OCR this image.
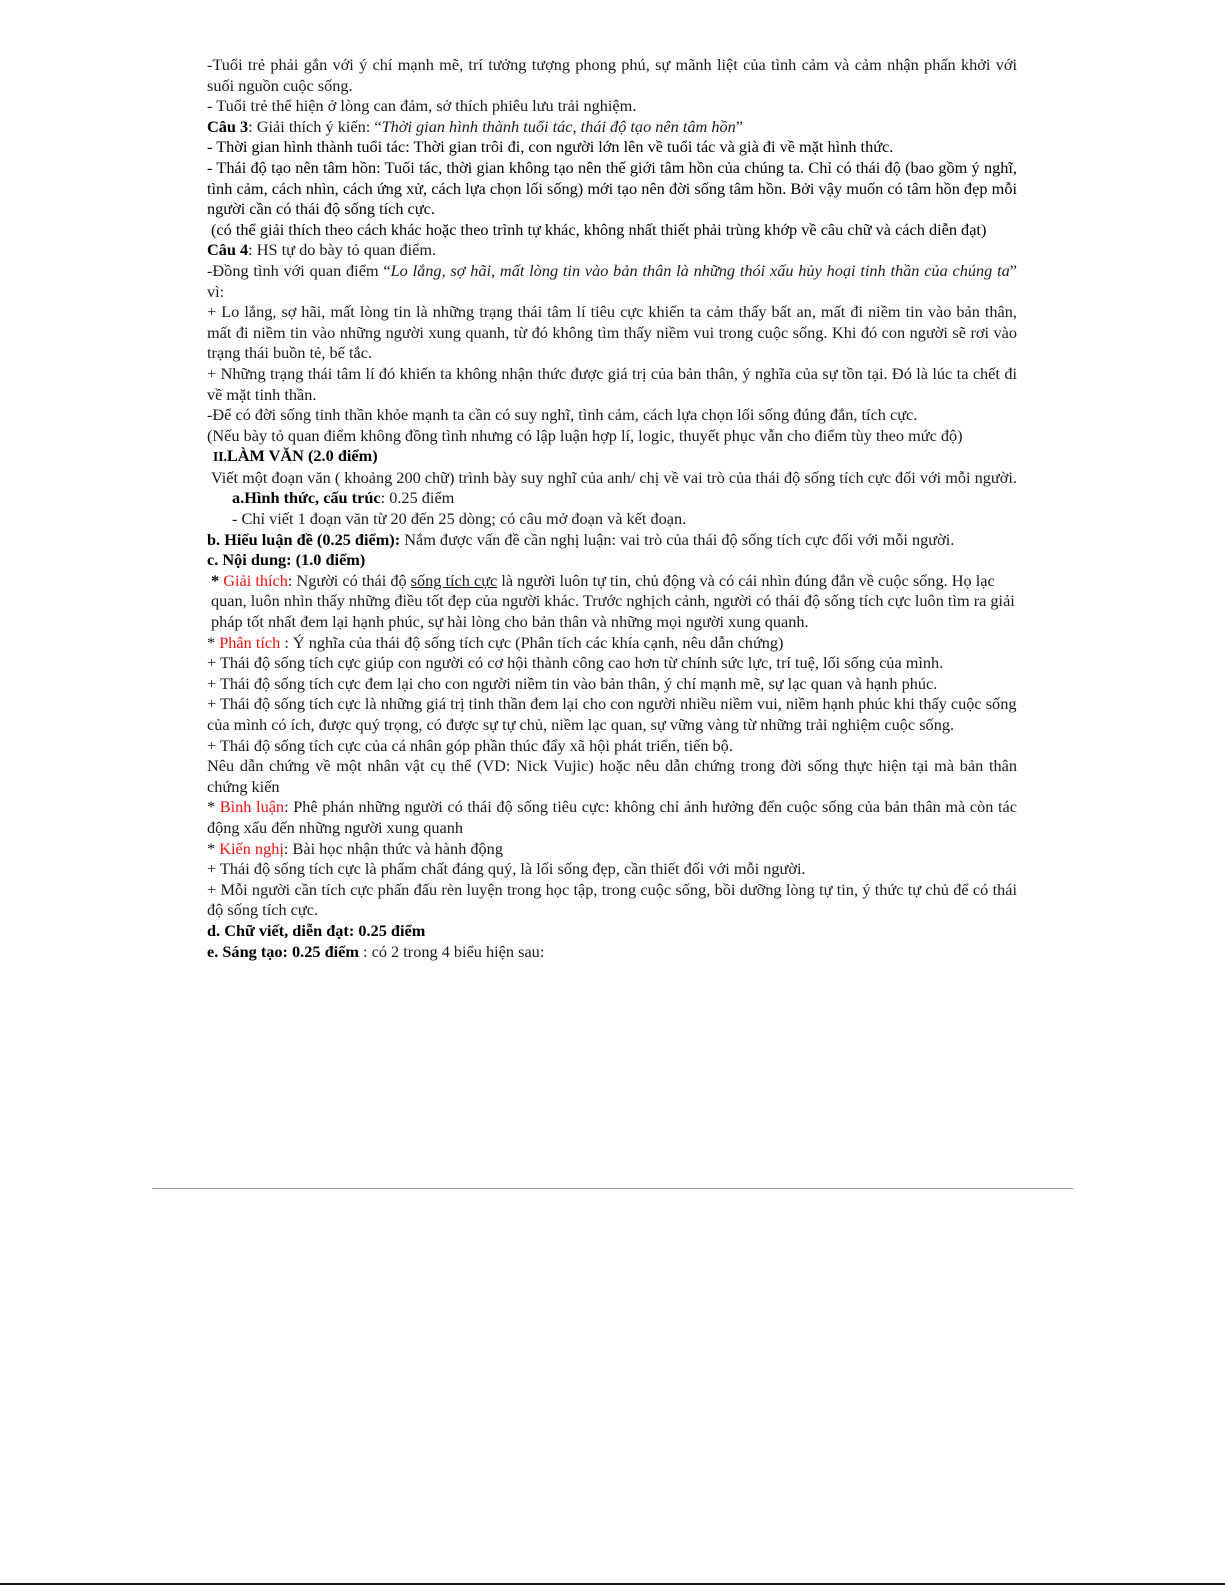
-Tuổi trẻ phải gắn với ý chí mạnh mẽ, trí tưởng tượng phong phú, sự mãnh liệt của tình cảm và cảm nhận phấn khởi với suối nguồn cuộc sống.

- Tuổi trẻ thể hiện ở lòng can đảm, sở thích phiêu lưu trải nghiệm.

Câu 3: Giải thích ý kiến: “Thời gian hình thành tuổi tác, thái độ tạo nên tâm hồn”

- Thời gian hình thành tuổi tác: Thời gian trôi đi, con người lớn lên về tuổi tác và già đi về mặt hình thức.

- Thái độ tạo nên tâm hồn: Tuổi tác, thời gian không tạo nên thế giới tâm hồn của chúng ta. Chỉ có thái độ (bao gồm ý nghĩ, tình cảm, cách nhìn, cách ứng xử, cách lựa chọn lối sống) mới tạo nên đời sống tâm hồn. Bởi vậy muốn có tâm hồn đẹp mỗi người cần có thái độ sống tích cực.

(có thể giải thích theo cách khác hoặc theo trình tự khác, không nhất thiết phải trùng khớp về câu chữ và cách diễn đạt)

Câu 4: HS tự do bày tỏ quan điểm.

-Đồng tình với quan điểm “Lo lắng, sợ hãi, mất lòng tin vào bản thân là những thói xấu hủy hoại tinh thần của chúng ta” vì:

+ Lo lắng, sợ hãi, mất lòng tin là những trạng thái tâm lí tiêu cực khiến ta cảm thấy bất an, mất đi niềm tin vào bản thân, mất đi niềm tin vào những người xung quanh, từ đó không tìm thấy niềm vui trong cuộc sống. Khi đó con người sẽ rơi vào trạng thái buồn tẻ, bế tắc.

+ Những trạng thái tâm lí đó khiến ta không nhận thức được giá trị của bản thân, ý nghĩa của sự tồn tại. Đó là lúc ta chết đi về mặt tinh thần.

-Để có đời sống tinh thần khỏe mạnh ta cần có suy nghĩ, tình cảm, cách lựa chọn lối sống đúng đắn, tích cực.

(Nếu bày tỏ quan điểm không đồng tình nhưng có lập luận hợp lí, logic, thuyết phục vẫn cho điểm tùy theo mức độ)

II.LÀM VĂN (2.0 điểm)

Viết một đoạn văn ( khoảng 200 chữ) trình bày suy nghĩ của anh/ chị về vai trò của thái độ sống tích cực đối với mỗi người.

a.Hình thức, cấu trúc: 0.25 điểm

- Chỉ viết 1 đoạn văn từ 20 đến 25 dòng; có câu mở đoạn và kết đoạn.

b. Hiểu luận đề (0.25 điểm): Nắm được vấn đề cần nghị luận: vai trò của thái độ sống tích cực đối với mỗi người.

c. Nội dung: (1.0 điểm)

* Giải thích: Người có thái độ sống tích cực là người luôn tự tin, chủ động và có cái nhìn đúng đắn về cuộc sống. Họ lạc quan, luôn nhìn thấy những điều tốt đẹp của người khác. Trước nghịch cảnh, người có thái độ sống tích cực luôn tìm ra giải pháp tốt nhất đem lại hạnh phúc, sự hài lòng cho bản thân và những mọi người xung quanh.

* Phân tích : Ý nghĩa của thái độ sống tích cực (Phân tích các khía cạnh, nêu dẫn chứng)

+ Thái độ sống tích cực giúp con người có cơ hội thành công cao hơn từ chính sức lực, trí tuệ, lối sống của mình.

+ Thái độ sống tích cực đem lại cho con người niềm tin vào bản thân, ý chí mạnh mẽ, sự lạc quan và hạnh phúc.

+ Thái độ sống tích cực là những giá trị tinh thần đem lại cho con người nhiều niềm vui, niềm hạnh phúc khi thấy cuộc sống của mình có ích, được quý trọng, có được sự tự chủ, niềm lạc quan, sự vững vàng từ những trải nghiệm cuộc sống.

+ Thái độ sống tích cực của cá nhân góp phần thúc đẩy xã hội phát triển, tiến bộ.

Nêu dẫn chứng về một nhân vật cụ thể (VD: Nick Vujic) hoặc nêu dẫn chứng trong đời sống thực hiện tại mà bản thân chứng kiến

* Bình luận: Phê phán những người có thái độ sống tiêu cực: không chỉ ảnh hưởng đến cuộc sống của bản thân mà còn tác động xấu đến những người xung quanh

* Kiến nghị: Bài học nhận thức và hành động

+ Thái độ sống tích cực là phẩm chất đáng quý, là lối sống đẹp, cần thiết đối với mỗi người.

+ Mỗi người cần tích cực phấn đấu rèn luyện trong học tập, trong cuộc sống, bồi dưỡng lòng tự tin, ý thức tự chủ để có thái độ sống tích cực.

d. Chữ viết, diễn đạt: 0.25 điểm

e. Sáng tạo: 0.25 điểm : có 2 trong 4 biểu hiện sau:
